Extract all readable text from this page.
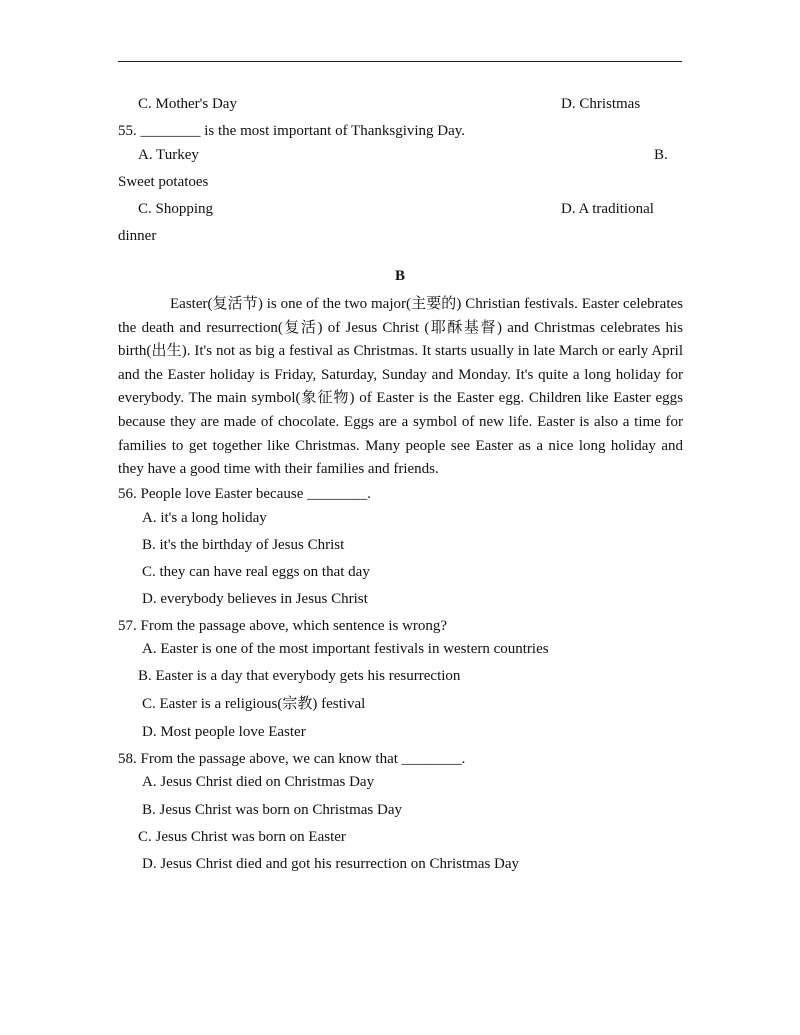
C. Mother's Day	D. Christmas
55. ________ is the most important of Thanksgiving Day.
A. Turkey	B.
Sweet potatoes
C. Shopping	D. A traditional
dinner
B
Easter(复活节) is one of the two major(主要的) Christian festivals. Easter celebrates the death and resurrection(复活) of Jesus Christ (耶酥基督) and Christmas celebrates his birth(出生). It's not as big a festival as Christmas. It starts usually in late March or early April and the Easter holiday is Friday, Saturday, Sunday and Monday. It's quite a long holiday for everybody. The main symbol(象征物) of Easter is the Easter egg. Children like Easter eggs because they are made of chocolate. Eggs are a symbol of new life. Easter is also a time for families to get together like Christmas. Many people see Easter as a nice long holiday and they have a good time with their families and friends.
56. People love Easter because ________.
A. it's a long holiday
B. it's the birthday of Jesus Christ
C. they can have real eggs on that day
D. everybody believes in Jesus Christ
57. From the passage above, which sentence is wrong?
A. Easter is one of the most important festivals in western countries
B. Easter is a day that everybody gets his resurrection
C. Easter is a religious(宗教) festival
D. Most people love Easter
58. From the passage above, we can know that ________.
A. Jesus Christ died on Christmas Day
B. Jesus Christ was born on Christmas Day
C. Jesus Christ was born on Easter
D. Jesus Christ died and got his resurrection on Christmas Day
